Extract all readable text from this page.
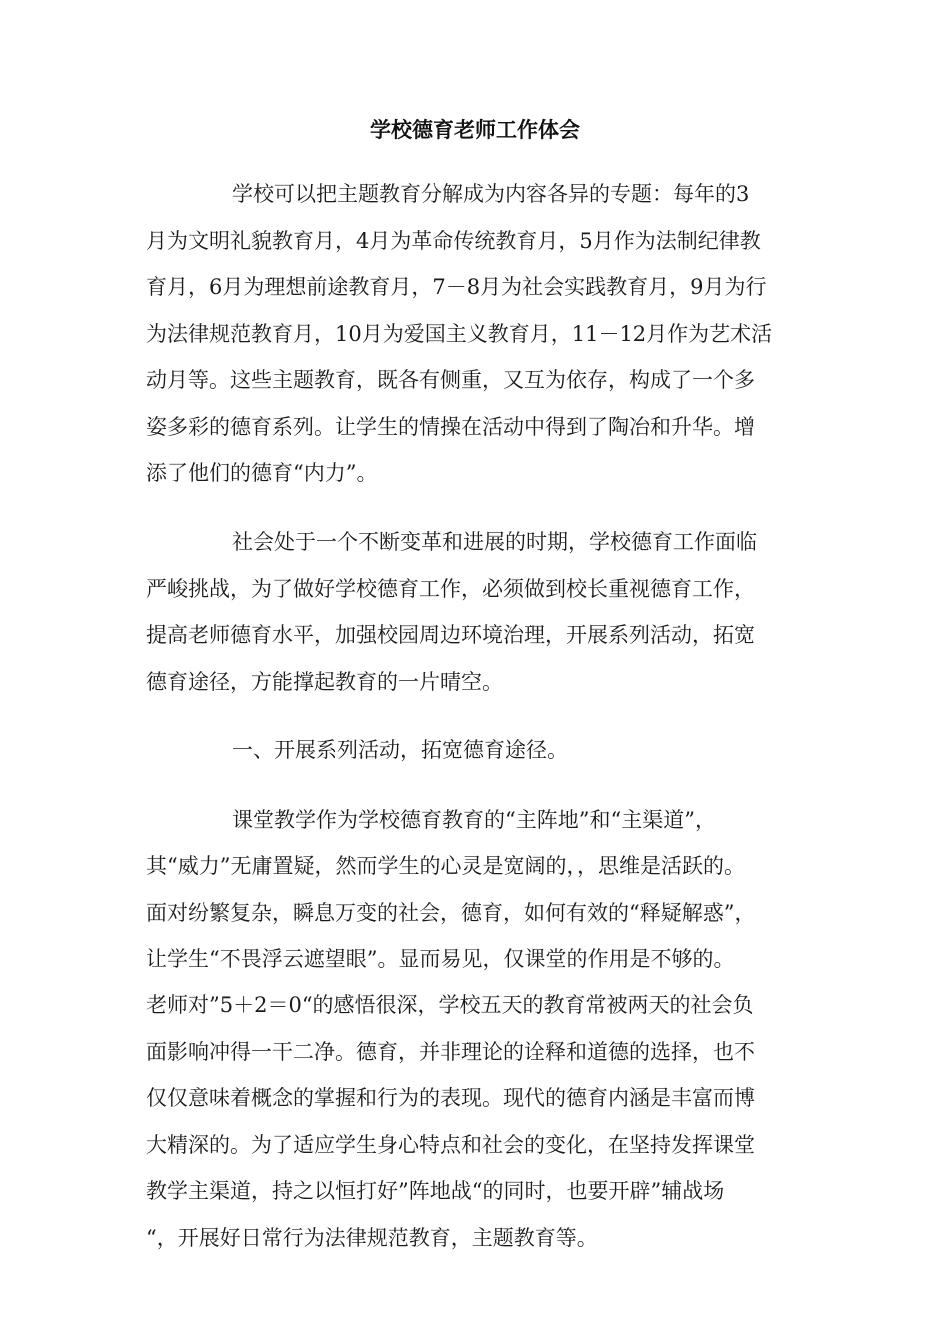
学校德育老师工作体会
学校可以把主题教育分解成为内容各异的专题：每年的3
月为文明礼貌教育月，4月为革命传统教育月，5月作为法制纪律教
育月，6月为理想前途教育月，7－8月为社会实践教育月，9月为行
为法律规范教育月，10月为爱国主义教育月，11－12月作为艺术活
动月等。这些主题教育，既各有侧重，又互为依存，构成了一个多
姿多彩的德育系列。让学生的情操在活动中得到了陶冶和升华。增
添了他们的德育“内力”。
社会处于一个不断变革和进展的时期，学校德育工作面临
严峻挑战，为了做好学校德育工作，必须做到校长重视德育工作，
提高老师德育水平，加强校园周边环境治理，开展系列活动，拓宽
德育途径，方能撑起教育的一片晴空。
一、开展系列活动，拓宽德育途径。
课堂教学作为学校德育教育的“主阵地”和“主渠道”，
其“威力”无庸置疑，然而学生的心灵是宽阔的，，思维是活跃的。
面对纷繁复杂，瞬息万变的社会，德育，如何有效的“释疑解惑”，
让学生“不畏浮云遮望眼”。显而易见，仅课堂的作用是不够的。
老师对”5＋2＝0“的感悟很深，学校五天的教育常被两天的社会负
面影响冲得一干二净。德育，并非理论的诠释和道德的选择，也不
仅仅意味着概念的掌握和行为的表现。现代的德育内涵是丰富而博
大精深的。为了适应学生身心特点和社会的变化，在坚持发挥课堂
教学主渠道，持之以恒打好”阵地战“的同时，也要开辟”辅战场
“，开展好日常行为法律规范教育，主题教育等。
